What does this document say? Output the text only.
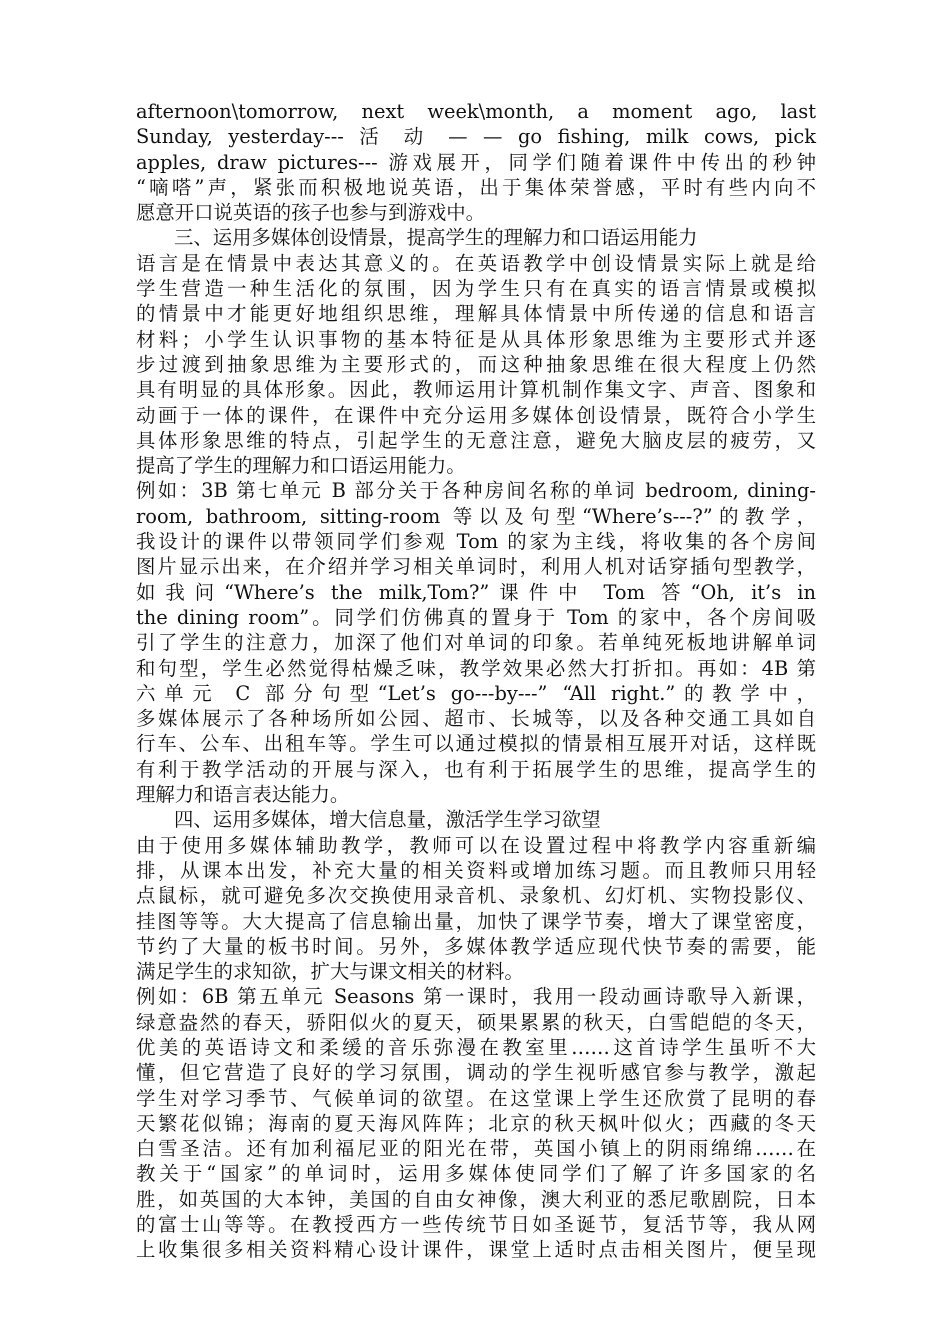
afternoon\tomorrow, next week\month, a moment ago, last
Sunday, yesterday--- 活 动 — — go fishing, milk cows, pick
apples, draw pictures--- 游戏展开，同学们随着课件中传出的秒钟
“嘀嗒”声，紧张而积极地说英语，出于集体荣誉感，平时有些内向不
愿意开口说英语的孩子也参与到游戏中。
三、运用多媒体创设情景，提高学生的理解力和口语运用能力
语言是在情景中表达其意义的。在英语教学中创设情景实际上就是给
学生营造一种生活化的氛围，因为学生只有在真实的语言情景或模拟
的情景中才能更好地组织思维，理解具体情景中所传递的信息和语言
材料；小学生认识事物的基本特征是从具体形象思维为主要形式并逐
步过渡到抽象思维为主要形式的，而这种抽象思维在很大程度上仍然
具有明显的具体形象。因此，教师运用计算机制作集文字、声音、图象和
动画于一体的课件，在课件中充分运用多媒体创设情景，既符合小学生
具体形象思维的特点，引起学生的无意注意，避免大脑皮层的疲劳，又
提高了学生的理解力和口语运用能力。
例如：3B 第七单元 B 部分关于各种房间名称的单词 bedroom, dining-
room, bathroom, sitting-room 等以及句型“Where’s---?”的教学，
我设计的课件以带领同学们参观 Tom 的家为主线，将收集的各个房间
图片显示出来，在介绍并学习相关单词时，利用人机对话穿插句型教学，
如我问“Where’s the milk,Tom?”课件中 Tom 答“Oh, it’s in
the dining room”。同学们仿佛真的置身于 Tom 的家中，各个房间吸
引了学生的注意力，加深了他们对单词的印象。若单纯死板地讲解单词
和句型，学生必然觉得枯燥乏味，教学效果必然大打折扣。再如：4B 第
六单元 C 部分句型“Let’s go---by---” “All right.”的教学中，
多媒体展示了各种场所如公园、超市、长城等，以及各种交通工具如自
行车、公车、出租车等。学生可以通过模拟的情景相互展开对话，这样既
有利于教学活动的开展与深入，也有利于拓展学生的思维，提高学生的
理解力和语言表达能力。
四、运用多媒体，增大信息量，激活学生学习欲望
由于使用多媒体辅助教学，教师可以在设置过程中将教学内容重新编
排，从课本出发，补充大量的相关资料或增加练习题。而且教师只用轻
点鼠标，就可避免多次交换使用录音机、录象机、幻灯机、实物投影仪、
挂图等等。大大提高了信息输出量，加快了课学节奏，增大了课堂密度，
节约了大量的板书时间。另外，多媒体教学适应现代快节奏的需要，能
满足学生的求知欲，扩大与课文相关的材料。
例如：6B 第五单元 Seasons 第一课时，我用一段动画诗歌导入新课，
绿意盎然的春天，骄阳似火的夏天，硕果累累的秋天，白雪皑皑的冬天，
优美的英语诗文和柔缓的音乐弥漫在教室里……这首诗学生虽听不大
懂，但它营造了良好的学习氛围，调动的学生视听感官参与教学，激起
学生对学习季节、气候单词的欲望。在这堂课上学生还欣赏了昆明的春
天繁花似锦；海南的夏天海风阵阵；北京的秋天枫叶似火；西藏的冬天
白雪圣洁。还有加利福尼亚的阳光在带，英国小镇上的阴雨绵绵……在
教关于“国家”的单词时，运用多媒体使同学们了解了许多国家的名
胜，如英国的大本钟，美国的自由女神像，澳大利亚的悉尼歌剧院，日本
的富士山等等。在教授西方一些传统节日如圣诞节，复活节等，我从网
上收集很多相关资料精心设计课件，课堂上适时点击相关图片，便呈现
